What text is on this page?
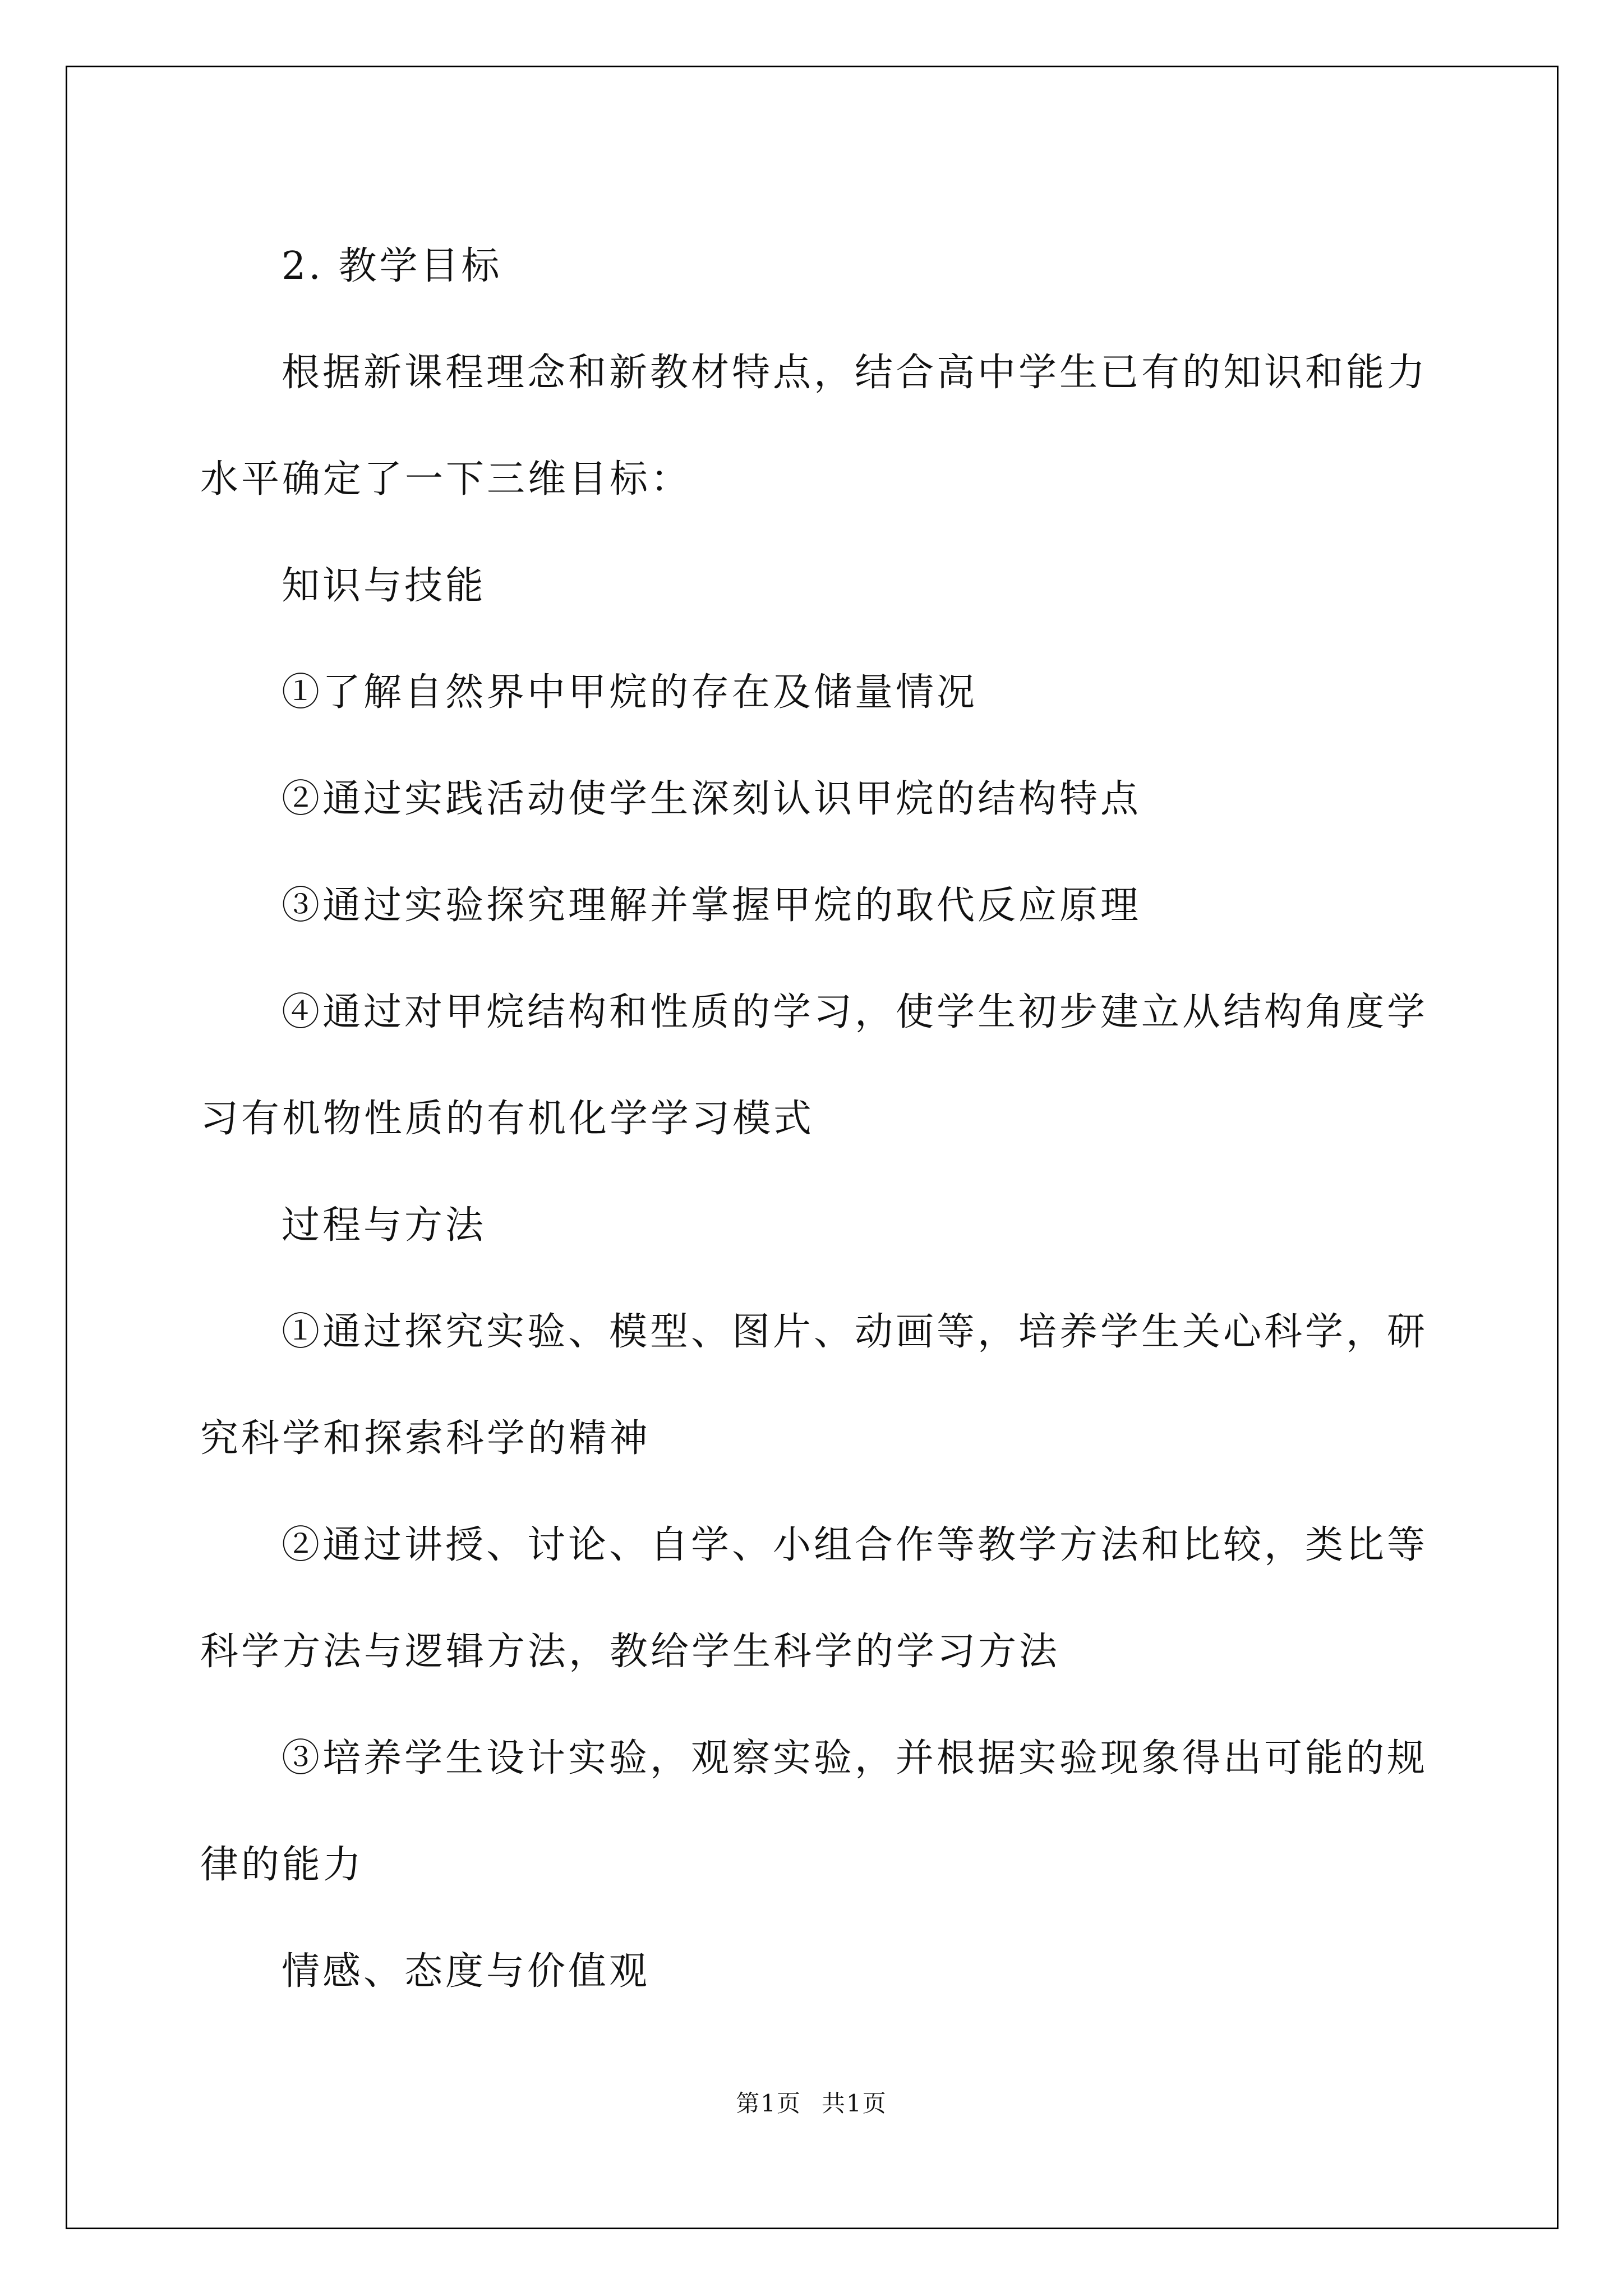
2. 教学目标
根据新课程理念和新教材特点，结合高中学生已有的知识和能力
水平确定了一下三维目标：
知识与技能
①了解自然界中甲烷的存在及储量情况
②通过实践活动使学生深刻认识甲烷的结构特点
③通过实验探究理解并掌握甲烷的取代反应原理
④通过对甲烷结构和性质的学习，使学生初步建立从结构角度学
习有机物性质的有机化学学习模式
过程与方法
①通过探究实验、模型、图片、动画等，培养学生关心科学，研
究科学和探索科学的精神
②通过讲授、讨论、自学、小组合作等教学方法和比较，类比等
科学方法与逻辑方法，教给学生科学的学习方法
③培养学生设计实验，观察实验，并根据实验现象得出可能的规
律的能力
情感、态度与价值观
第1页 共1页
